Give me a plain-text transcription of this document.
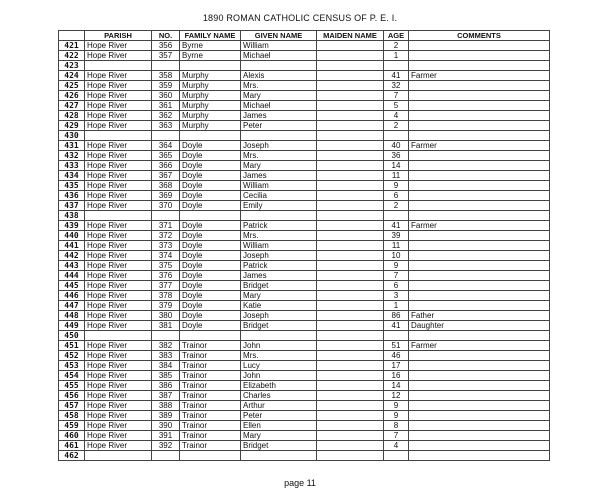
1890 ROMAN CATHOLIC CENSUS OF P. E. I.
	PARISH	NO.	FAMILY NAME	GIVEN NAME	MAIDEN NAME	AGE	COMMENTS
421	Hope River	356	Byrne	William		2	
422	Hope River	357	Byrne	Michael		1	
423							
424	Hope River	358	Murphy	Alexis		41	Farmer
425	Hope River	359	Murphy	Mrs.		32	
426	Hope River	360	Murphy	Mary		7	
427	Hope River	361	Murphy	Michael		5	
428	Hope River	362	Murphy	James		4	
429	Hope River	363	Murphy	Peter		2	
430							
431	Hope River	364	Doyle	Joseph		40	Farmer
432	Hope River	365	Doyle	Mrs.		36	
433	Hope River	366	Doyle	Mary		14	
434	Hope River	367	Doyle	James		11	
435	Hope River	368	Doyle	William		9	
436	Hope River	369	Doyle	Cecilia		6	
437	Hope River	370	Doyle	Emily		2	
438							
439	Hope River	371	Doyle	Patrick		41	Farmer
440	Hope River	372	Doyle	Mrs.		39	
441	Hope River	373	Doyle	William		11	
442	Hope River	374	Doyle	Joseph		10	
443	Hope River	375	Doyle	Patrick		9	
444	Hope River	376	Doyle	James		7	
445	Hope River	377	Doyle	Bridget		6	
446	Hope River	378	Doyle	Mary		3	
447	Hope River	379	Doyle	Katie		1	
448	Hope River	380	Doyle	Joseph		86	Father
449	Hope River	381	Doyle	Bridget		41	Daughter
450							
451	Hope River	382	Trainor	John		51	Farmer
452	Hope River	383	Trainor	Mrs.		46	
453	Hope River	384	Trainor	Lucy		17	
454	Hope River	385	Trainor	John		16	
455	Hope River	386	Trainor	Elizabeth		14	
456	Hope River	387	Trainor	Charles		12	
457	Hope River	388	Trainor	Arthur		9	
458	Hope River	389	Trainor	Peter		9	
459	Hope River	390	Trainor	Ellen		8	
460	Hope River	391	Trainor	Mary		7	
461	Hope River	392	Trainor	Bridget		4	
462							
page 11
